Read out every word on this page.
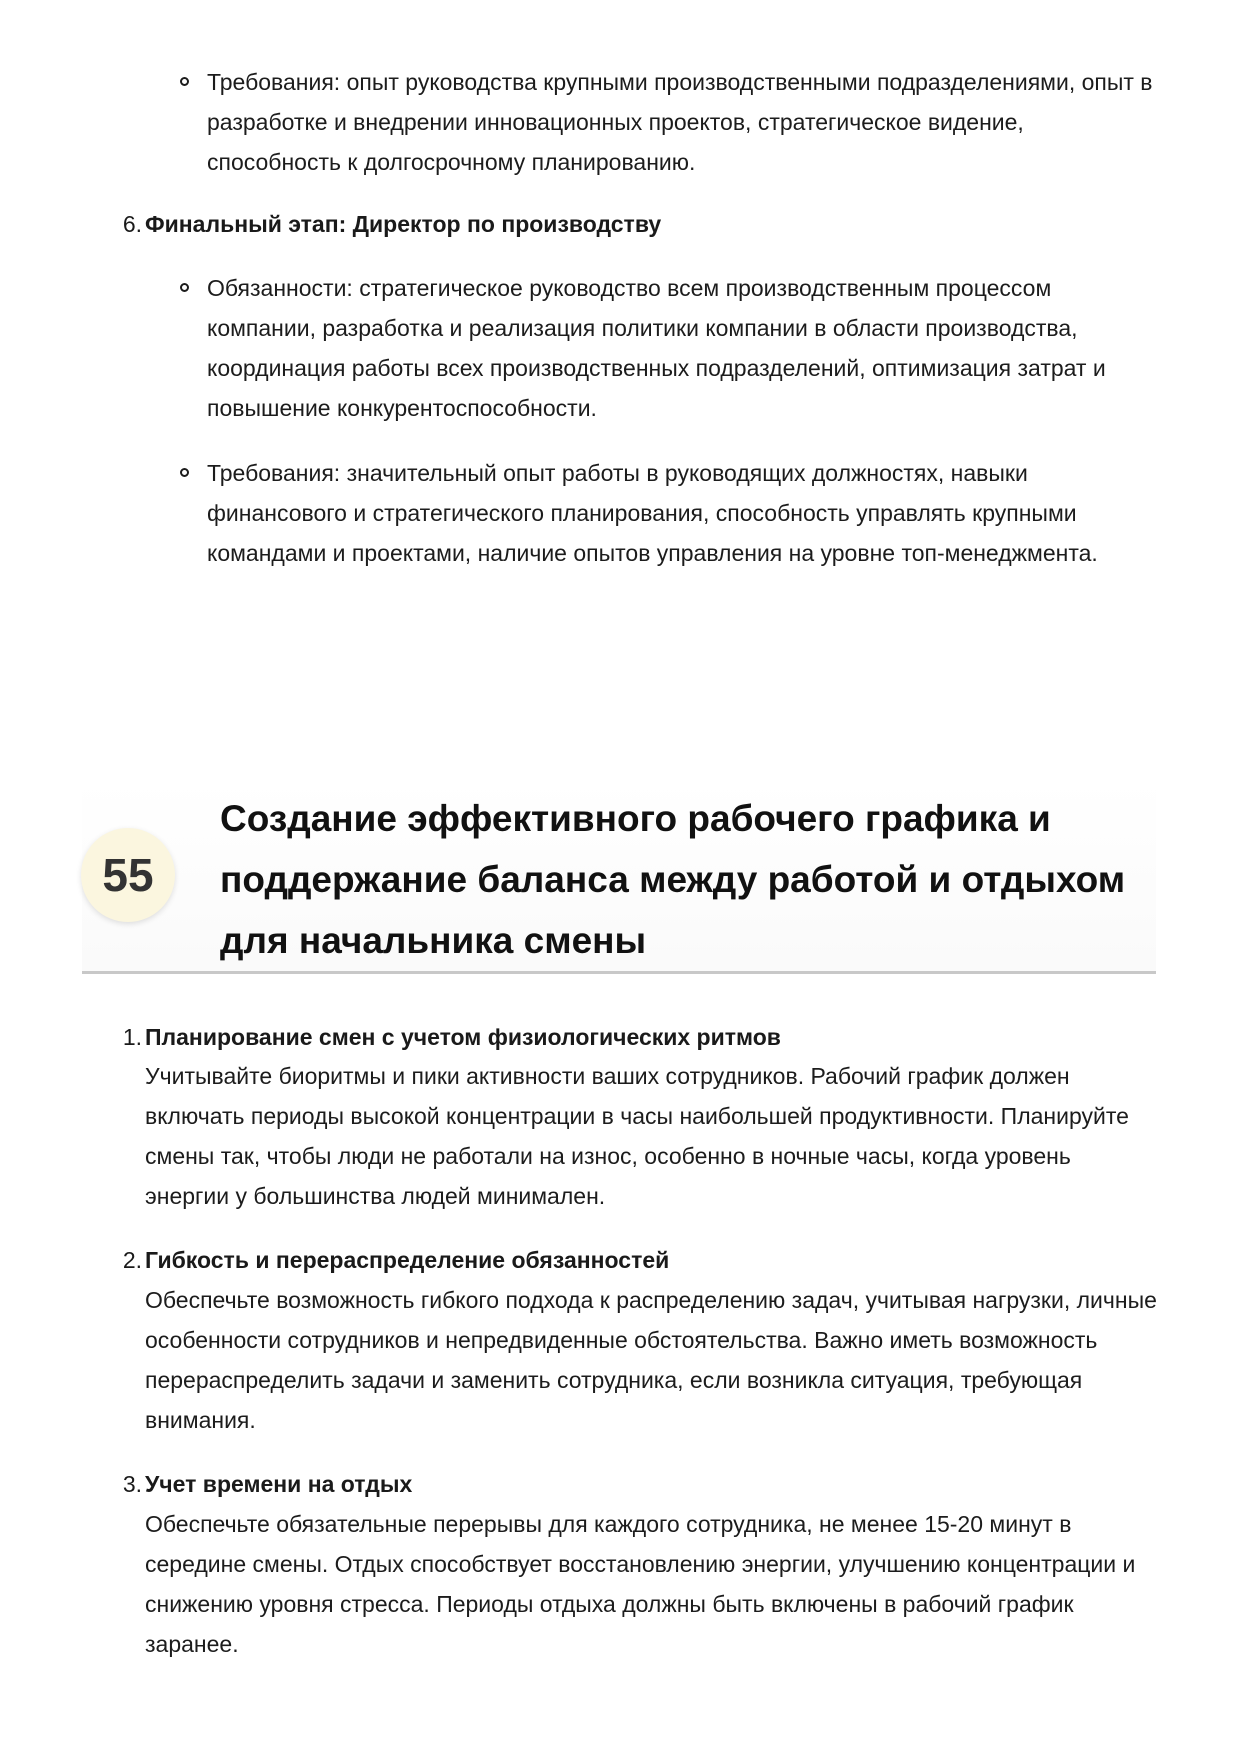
Требования: опыт руководства крупными производственными подразделениями, опыт в разработке и внедрении инновационных проектов, стратегическое видение, способность к долгосрочному планированию.
6. Финальный этап: Директор по производству
Обязанности: стратегическое руководство всем производственным процессом компании, разработка и реализация политики компании в области производства, координация работы всех производственных подразделений, оптимизация затрат и повышение конкурентоспособности.
Требования: значительный опыт работы в руководящих должностях, навыки финансового и стратегического планирования, способность управлять крупными командами и проектами, наличие опытов управления на уровне топ-менеджмента.
55
Создание эффективного рабочего графика и поддержание баланса между работой и отдыхом для начальника смены
1. Планирование смен с учетом физиологических ритмов
Учитывайте биоритмы и пики активности ваших сотрудников. Рабочий график должен включать периоды высокой концентрации в часы наибольшей продуктивности. Планируйте смены так, чтобы люди не работали на износ, особенно в ночные часы, когда уровень энергии у большинства людей минимален.
2. Гибкость и перераспределение обязанностей
Обеспечьте возможность гибкого подхода к распределению задач, учитывая нагрузки, личные особенности сотрудников и непредвиденные обстоятельства. Важно иметь возможность перераспределить задачи и заменить сотрудника, если возникла ситуация, требующая внимания.
3. Учет времени на отдых
Обеспечьте обязательные перерывы для каждого сотрудника, не менее 15-20 минут в середине смены. Отдых способствует восстановлению энергии, улучшению концентрации и снижению уровня стресса. Периоды отдыха должны быть включены в рабочий график заранее.
